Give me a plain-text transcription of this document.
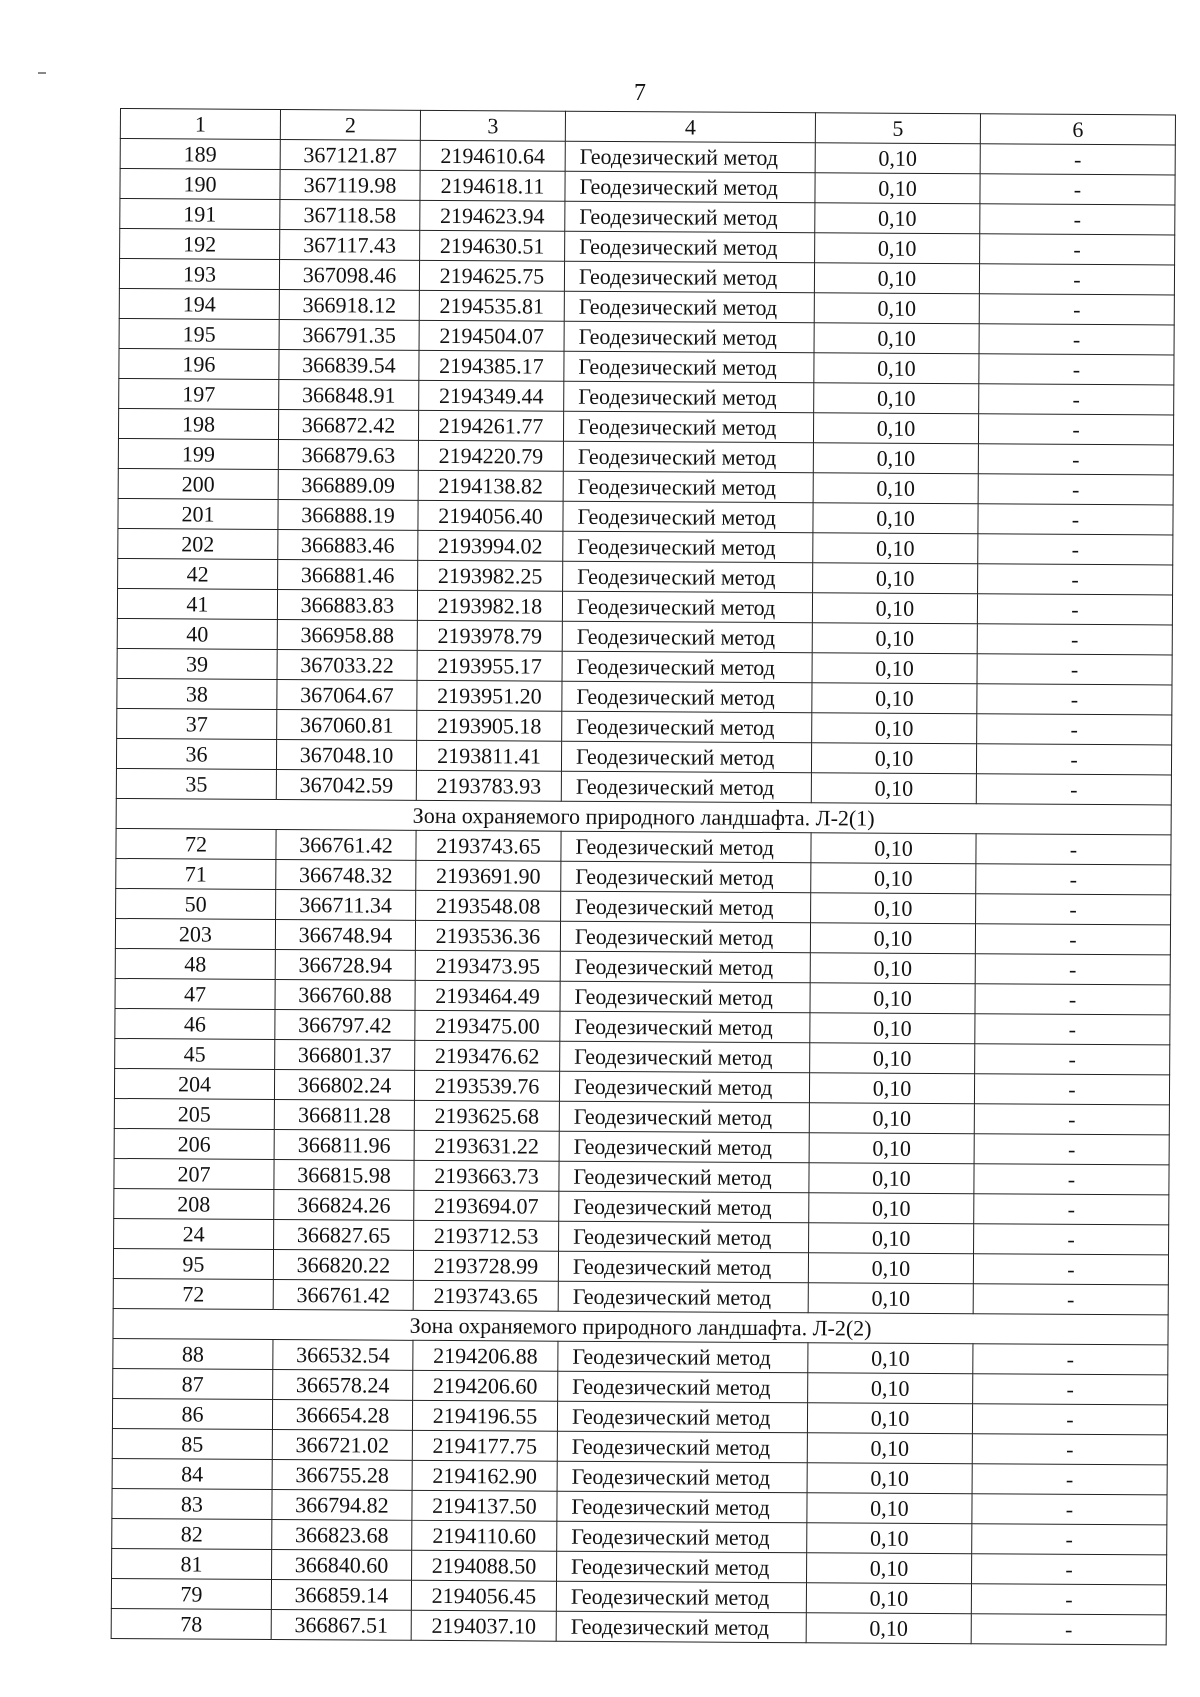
7
1	2	3	4	5	6
189	367121.87	2194610.64	Геодезический метод	0,10	-
190	367119.98	2194618.11	Геодезический метод	0,10	-
191	367118.58	2194623.94	Геодезический метод	0,10	-
192	367117.43	2194630.51	Геодезический метод	0,10	-
193	367098.46	2194625.75	Геодезический метод	0,10	-
194	366918.12	2194535.81	Геодезический метод	0,10	-
195	366791.35	2194504.07	Геодезический метод	0,10	-
196	366839.54	2194385.17	Геодезический метод	0,10	-
197	366848.91	2194349.44	Геодезический метод	0,10	-
198	366872.42	2194261.77	Геодезический метод	0,10	-
199	366879.63	2194220.79	Геодезический метод	0,10	-
200	366889.09	2194138.82	Геодезический метод	0,10	-
201	366888.19	2194056.40	Геодезический метод	0,10	-
202	366883.46	2193994.02	Геодезический метод	0,10	-
42	366881.46	2193982.25	Геодезический метод	0,10	-
41	366883.83	2193982.18	Геодезический метод	0,10	-
40	366958.88	2193978.79	Геодезический метод	0,10	-
39	367033.22	2193955.17	Геодезический метод	0,10	-
38	367064.67	2193951.20	Геодезический метод	0,10	-
37	367060.81	2193905.18	Геодезический метод	0,10	-
36	367048.10	2193811.41	Геодезический метод	0,10	-
35	367042.59	2193783.93	Геодезический метод	0,10	-
Зона охраняемого природного ландшафта. Л-2(1)					
72	366761.42	2193743.65	Геодезический метод	0,10	-
71	366748.32	2193691.90	Геодезический метод	0,10	-
50	366711.34	2193548.08	Геодезический метод	0,10	-
203	366748.94	2193536.36	Геодезический метод	0,10	-
48	366728.94	2193473.95	Геодезический метод	0,10	-
47	366760.88	2193464.49	Геодезический метод	0,10	-
46	366797.42	2193475.00	Геодезический метод	0,10	-
45	366801.37	2193476.62	Геодезический метод	0,10	-
204	366802.24	2193539.76	Геодезический метод	0,10	-
205	366811.28	2193625.68	Геодезический метод	0,10	-
206	366811.96	2193631.22	Геодезический метод	0,10	-
207	366815.98	2193663.73	Геодезический метод	0,10	-
208	366824.26	2193694.07	Геодезический метод	0,10	-
24	366827.65	2193712.53	Геодезический метод	0,10	-
95	366820.22	2193728.99	Геодезический метод	0,10	-
72	366761.42	2193743.65	Геодезический метод	0,10	-
Зона охраняемого природного ландшафта. Л-2(2)					
88	366532.54	2194206.88	Геодезический метод	0,10	-
87	366578.24	2194206.60	Геодезический метод	0,10	-
86	366654.28	2194196.55	Геодезический метод	0,10	-
85	366721.02	2194177.75	Геодезический метод	0,10	-
84	366755.28	2194162.90	Геодезический метод	0,10	-
83	366794.82	2194137.50	Геодезический метод	0,10	-
82	366823.68	2194110.60	Геодезический метод	0,10	-
81	366840.60	2194088.50	Геодезический метод	0,10	-
79	366859.14	2194056.45	Геодезический метод	0,10	-
78	366867.51	2194037.10	Геодезический метод	0,10	-
